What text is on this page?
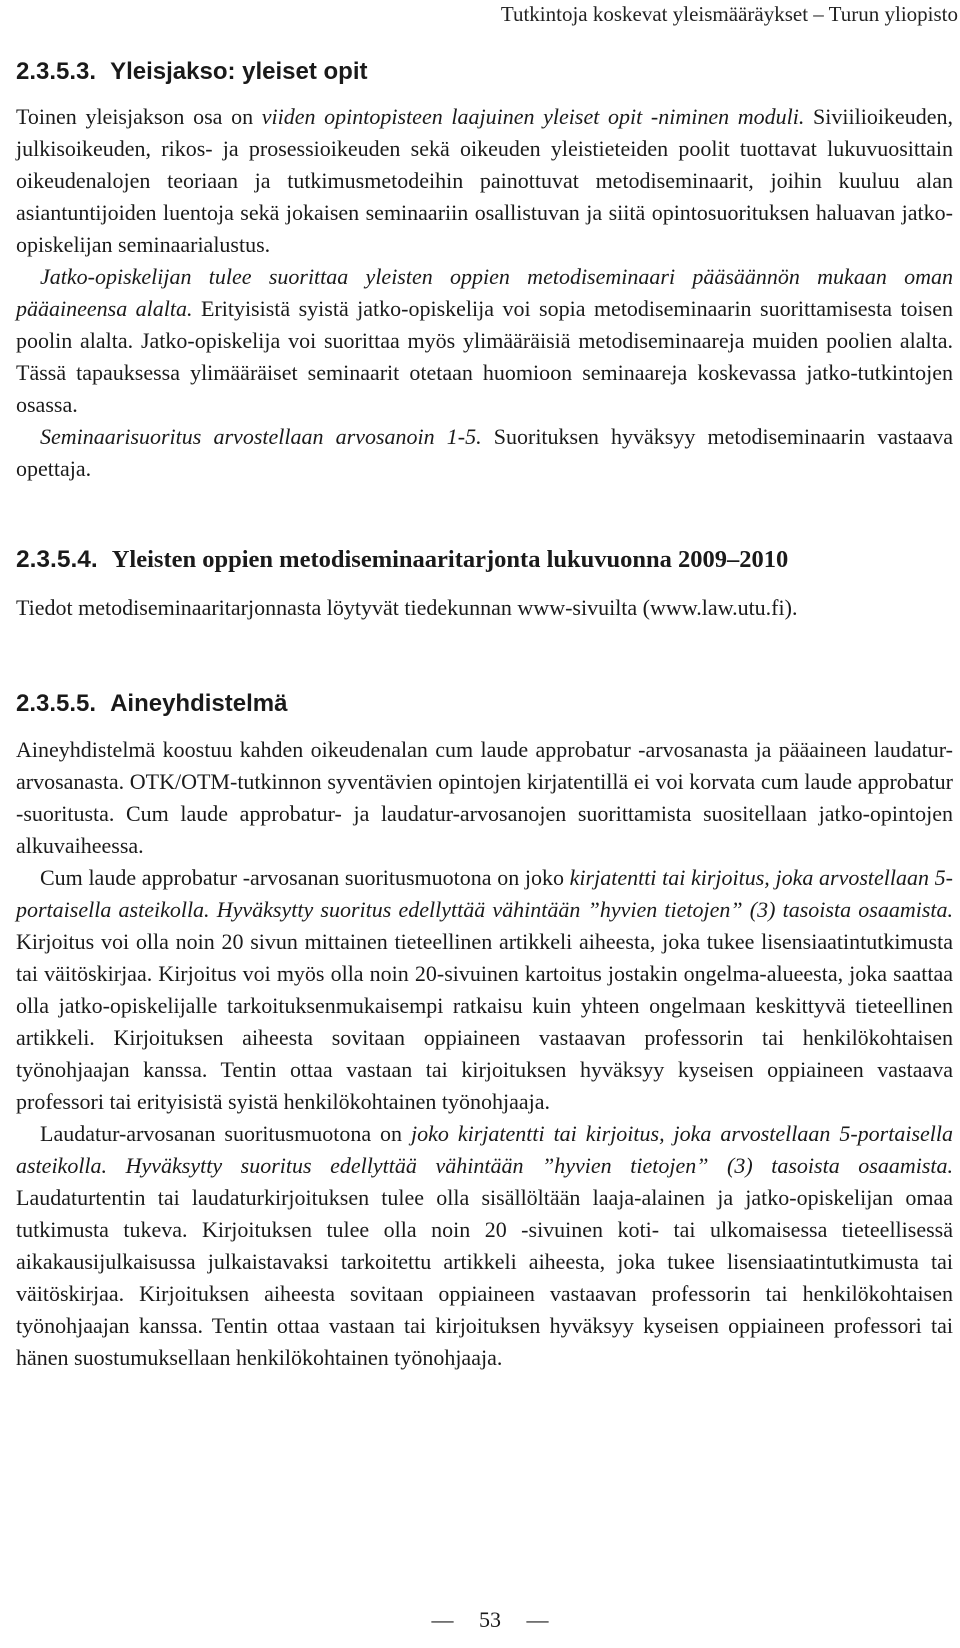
Tutkintoja koskevat yleismääräykset – Turun yliopisto
2.3.5.3. Yleisjakso: yleiset opit

Toinen yleisjakson osa on viiden opintopisteen laajuinen yleiset opit -niminen moduli. Siviilioikeuden, julkisoikeuden, rikos- ja prosessioikeuden sekä oikeuden yleistieteiden poolit tuottavat lukuvuosittain oikeudenalojen teoriaan ja tutkimusmetodeihin painottuvat metodiseminaarit, joihin kuuluu alan asiantuntijoiden luentoja sekä jokaisen seminaariin osallistuvan ja siitä opintosuorituksen haluavan jatko-opiskelijan seminaarialustus.

Jatko-opiskelijan tulee suorittaa yleisten oppien metodiseminaari pääsäännön mukaan oman pääaineensa alalta. Erityisistä syistä jatko-opiskelija voi sopia metodiseminaarin suorittamisesta toisen poolin alalta. Jatko-opiskelija voi suorittaa myös ylimääräisiä metodiseminaareja muiden poolien alalta. Tässä tapauksessa ylimääräiset seminaarit otetaan huomioon seminaareja koskevassa jatko-tutkintojen osassa.

Seminaarisuoritus arvostellaan arvosanoin 1-5. Suorituksen hyväksyy metodiseminaarin vastaava opettaja.

2.3.5.4. Yleisten oppien metodiseminaaritarjonta lukuvuonna 2009–2010

Tiedot metodiseminaaritarjonnasta löytyvät tiedekunnan www-sivuilta (www.law.utu.fi).

2.3.5.5. Aineyhdistelmä

Aineyhdistelmä koostuu kahden oikeudenalan cum laude approbatur -arvosanasta ja pääaineen laudatur-arvosanasta. OTK/OTM-tutkinnon syventävien opintojen kirjatentillä ei voi korvata cum laude approbatur -suoritusta. Cum laude approbatur- ja laudatur-arvosanojen suorittamista suositellaan jatko-opintojen alkuvaiheessa.

Cum laude approbatur -arvosanan suoritusmuotona on joko kirjatentti tai kirjoitus, joka arvostellaan 5-portaisella asteikolla. Hyväksytty suoritus edellyttää vähintään ”hyvien tietojen” (3) tasoista osaamista. Kirjoitus voi olla noin 20 sivun mittainen tieteellinen artikkeli aiheesta, joka tukee lisensiaatintutkimusta tai väitöskirjaa. Kirjoitus voi myös olla noin 20-sivuinen kartoitus jostakin ongelma-alueesta, joka saattaa olla jatko-opiskelijalle tarkoituksenmukaisempi ratkaisu kuin yhteen ongelmaan keskittyvä tieteellinen artikkeli. Kirjoituksen aiheesta sovitaan oppiaineen vastaavan professorin tai henkilökohtaisen työnohjaajan kanssa. Tentin ottaa vastaan tai kirjoituksen hyväksyy kyseisen oppiaineen vastaava professori tai erityisistä syistä henkilökohtainen työnohjaaja.

Laudatur-arvosanan suoritusmuotona on joko kirjatentti tai kirjoitus, joka arvostellaan 5-portaisella asteikolla. Hyväksytty suoritus edellyttää vähintään ”hyvien tietojen” (3) tasoista osaamista. Laudaturtentin tai laudaturkirjoituksen tulee olla sisällöltään laaja-alainen ja jatko-opiskelijan omaa tutkimusta tukeva. Kirjoituksen tulee olla noin 20 -sivuinen koti- tai ulkomaisessa tieteellisessä aikakausijulkaisussa julkaistavaksi tarkoitettu artikkeli aiheesta, joka tukee lisensiaatintutkimusta tai väitöskirjaa. Kirjoituksen aiheesta sovitaan oppiaineen vastaavan professorin tai henkilökohtaisen työnohjaajan kanssa. Tentin ottaa vastaan tai kirjoituksen hyväksyy kyseisen oppiaineen professori tai hänen suostumuksellaan henkilökohtainen työnohjaaja.

— 53 —
